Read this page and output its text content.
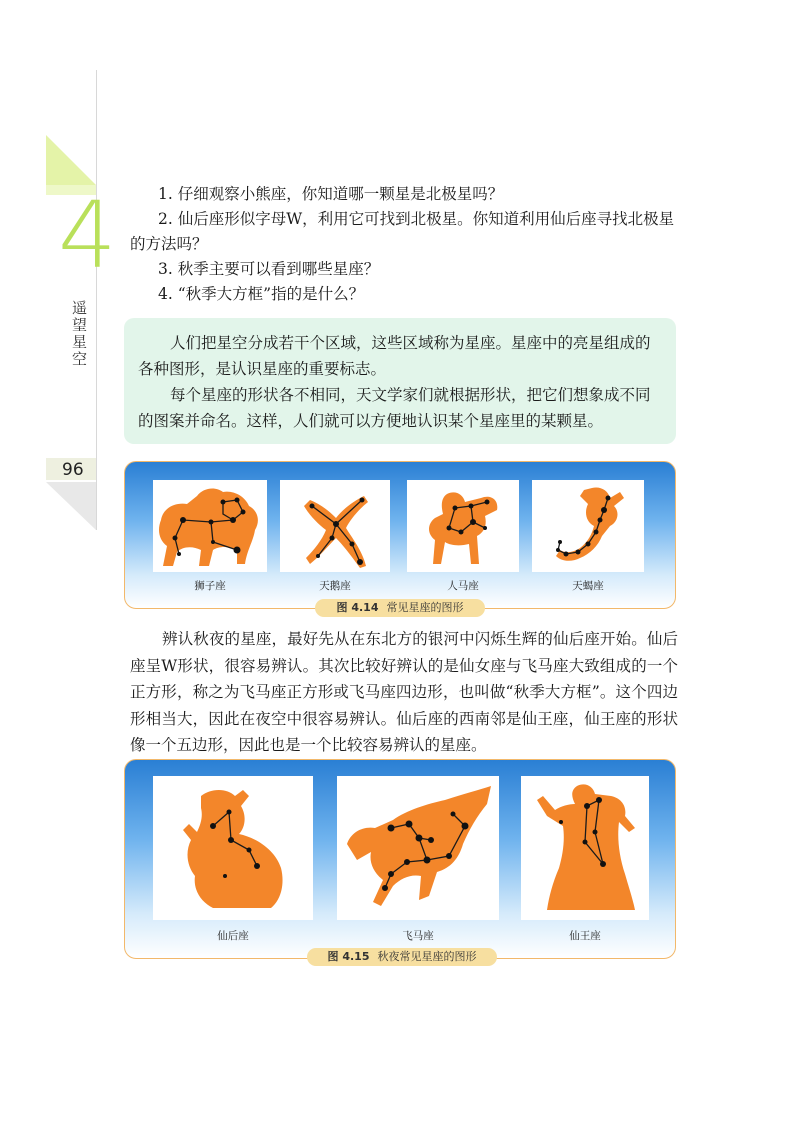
4
遥望星空
96

1. 仔细观察小熊座，你知道哪一颗星是北极星吗？

2. 仙后座形似字母W，利用它可找到北极星。你知道利用仙后座寻找北极星的方法吗？

3. 秋季主要可以看到哪些星座？

4. “秋季大方框”指的是什么？

人们把星空分成若干个区域，这些区域称为星座。星座中的亮星组成的各种图形，是认识星座的重要标志。

每个星座的形状各不相同，天文学家们就根据形状，把它们想象成不同的图案并命名。这样，人们就可以方便地认识某个星座里的某颗星。

狮子座	天鹅座	人马座	天蝎座
图 4.14 常见星座的图形

辨认秋夜的星座，最好先从在东北方的银河中闪烁生辉的仙后座开始。仙后座呈W形状，很容易辨认。其次比较好辨认的是仙女座与飞马座大致组成的一个正方形，称之为飞马座正方形或飞马座四边形，也叫做“秋季大方框”。这个四边形相当大，因此在夜空中很容易辨认。仙后座的西南邻是仙王座，仙王座的形状像一个五边形，因此也是一个比较容易辨认的星座。

仙后座	飞马座	仙王座
图 4.15 秋夜常见星座的图形
